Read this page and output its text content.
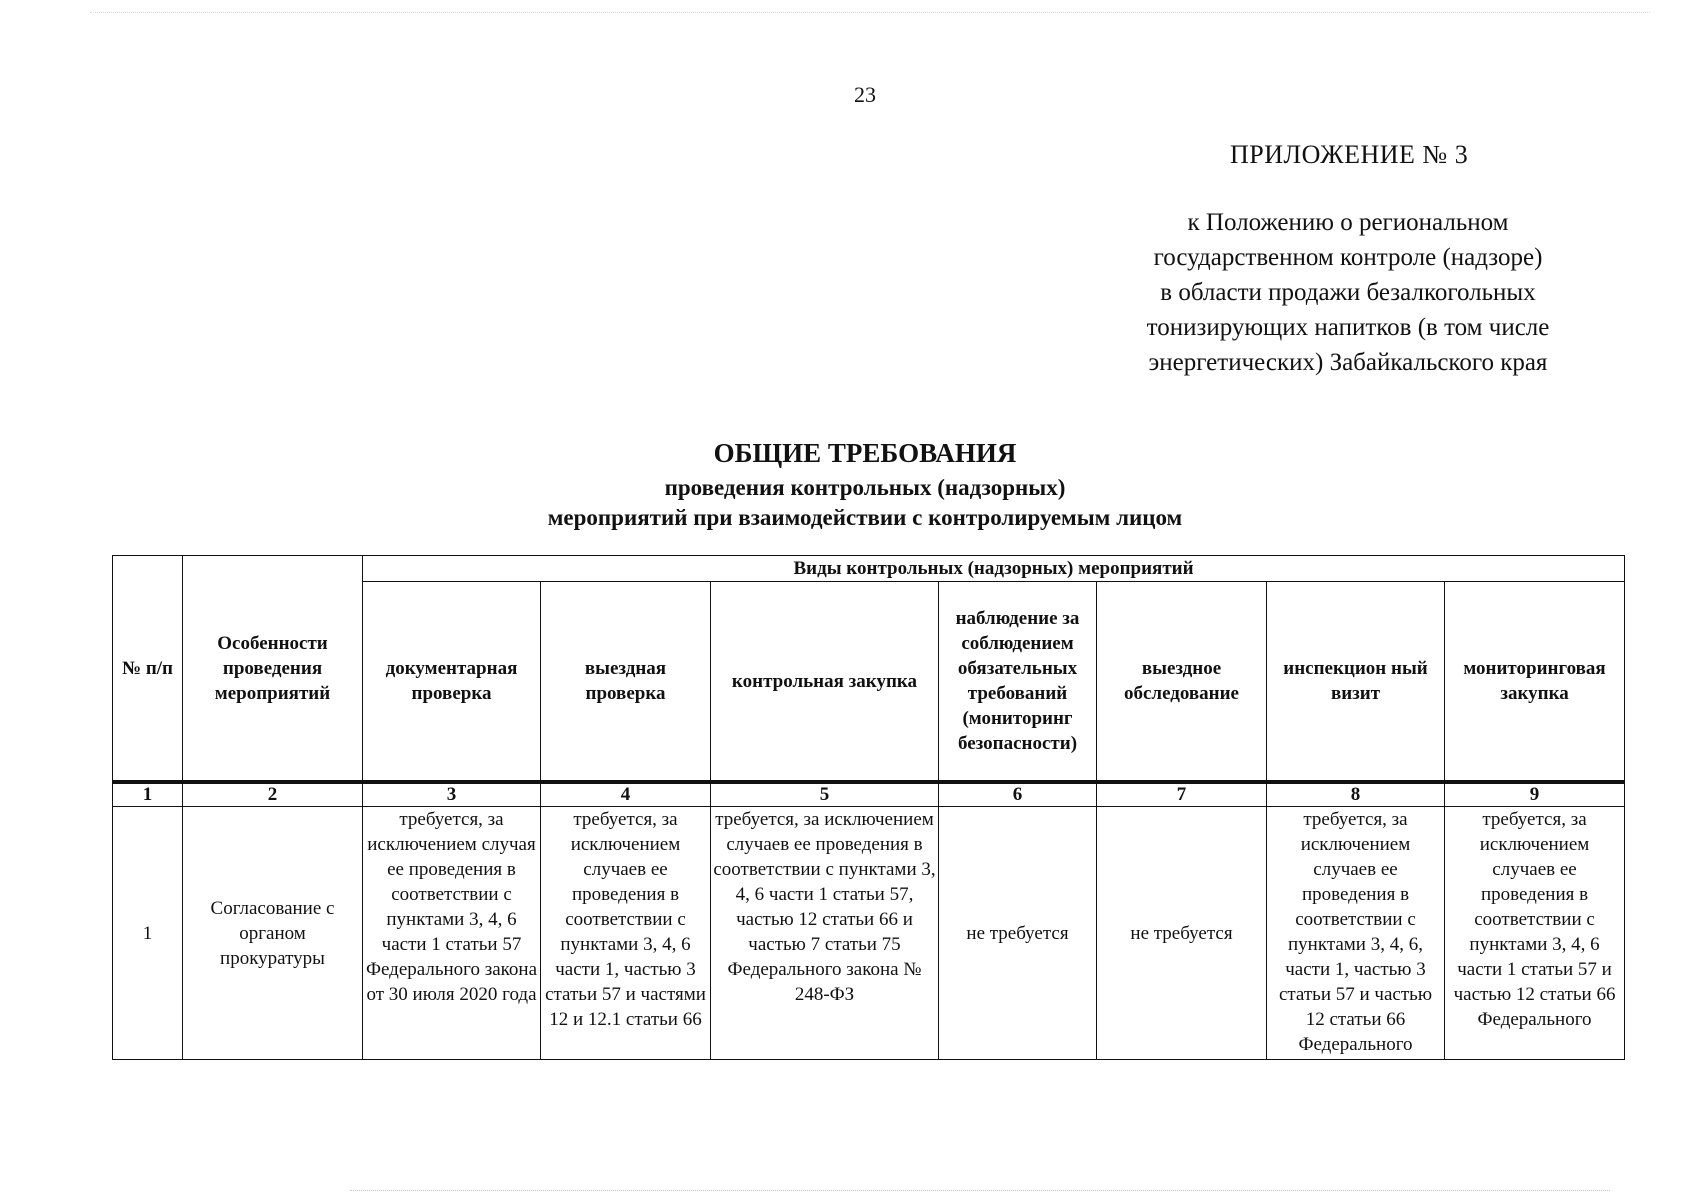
23
ПРИЛОЖЕНИЕ № 3
к Положению о региональном
государственном контроле (надзоре)
в области продажи безалкогольных
тонизирующих напитков (в том числе
энергетических) Забайкальского края
ОБЩИЕ ТРЕБОВАНИЯ
проведения контрольных (надзорных)
мероприятий при взаимодействии с контролируемым лицом
№ п/п	Особенности проведения мероприятий	Виды контрольных (надзорных) мероприятий						
		документарная проверка	выездная проверка	контрольная закупка	наблюдение за соблюдением обязательных требований (мониторинг безопасности)	выездное обследование	инспекцион ный визит	мониторинговая закупка
1	2	3	4	5	6	7	8	9
1	Согласование с органом прокуратуры	требуется, за исключением случая ее проведения в соответствии с пунктами 3, 4, 6 части 1 статьи 57 Федерального закона от 30 июля 2020 года	требуется, за исключением случаев ее проведения в соответствии с пунктами 3, 4, 6 части 1, частью 3 статьи 57 и частями 12 и 12.1 статьи 66	требуется, за исключением случаев ее проведения в соответствии с пунктами 3, 4, 6 части 1 статьи 57, частью 12 статьи 66 и частью 7 статьи 75 Федерального закона № 248-ФЗ	не требуется	не требуется	требуется, за исключением случаев ее проведения в соответствии с пунктами 3, 4, 6, части 1, частью 3 статьи 57 и частью 12 статьи 66 Федерального	требуется, за исключением случаев ее проведения в соответствии с пунктами 3, 4, 6 части 1 статьи 57 и частью 12 статьи 66 Федерального
